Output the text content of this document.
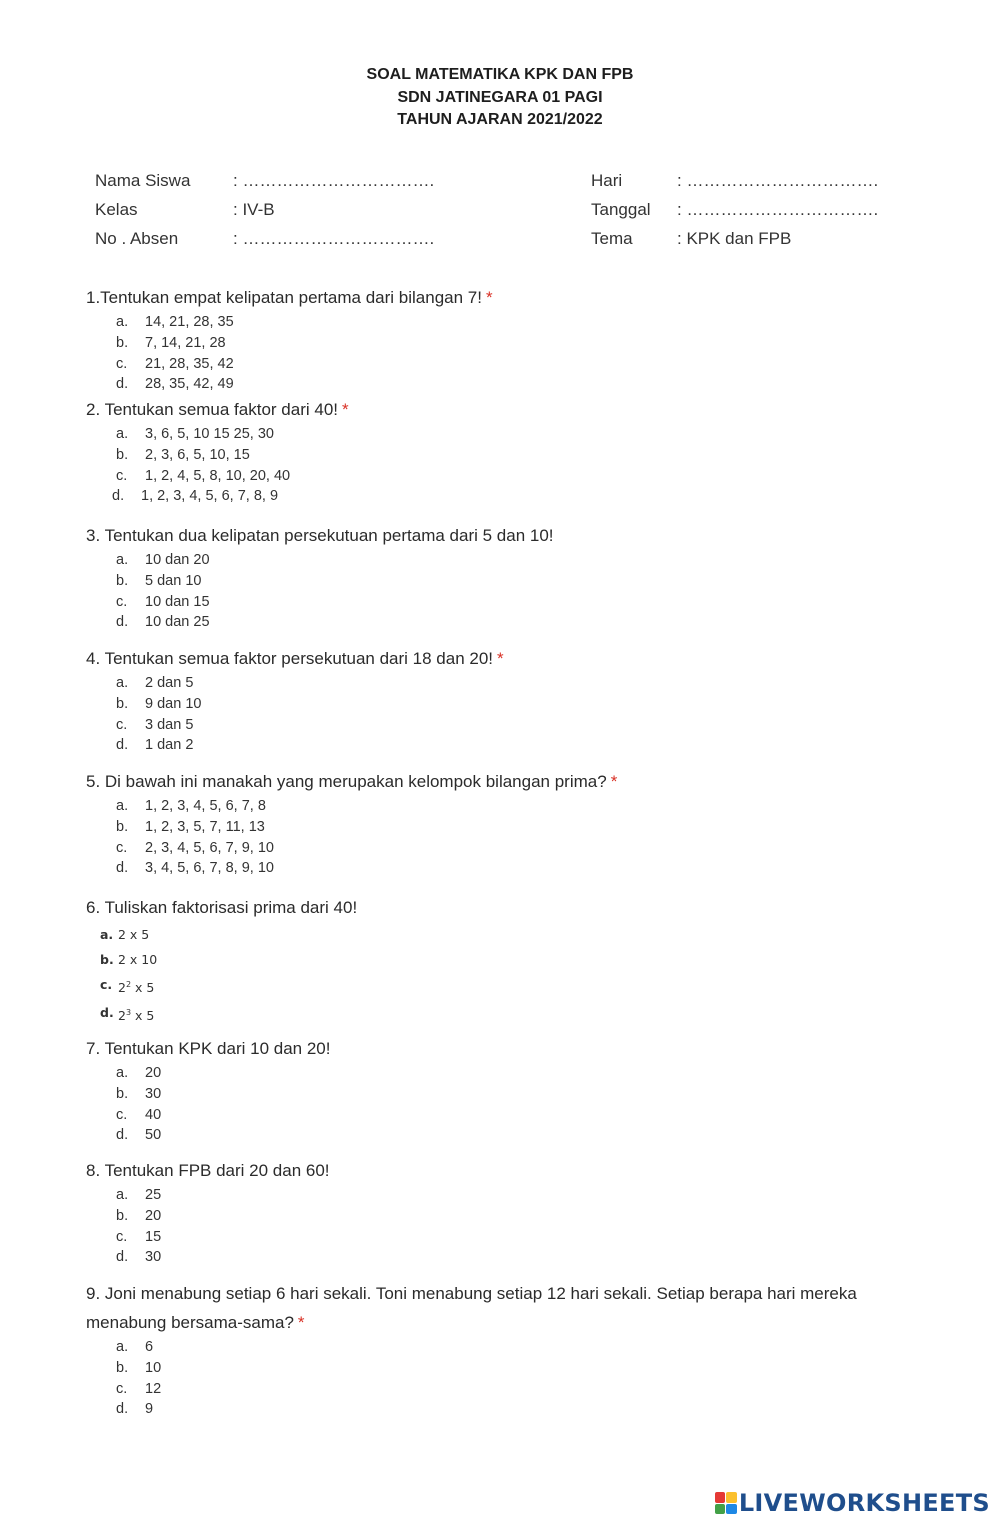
SOAL MATEMATIKA KPK DAN FPB
SDN JATINEGARA 01 PAGI
TAHUN AJARAN 2021/2022
Nama Siswa	: …………………………….
Kelas	: IV-B
No . Absen	: …………………………….
Hari	: …………………………….
Tanggal : …………………………….
Tema	: KPK dan FPB
1.Tentukan empat kelipatan pertama dari bilangan 7! *
a. 14, 21, 28, 35
b. 7, 14, 21, 28
c. 21, 28, 35, 42
d. 28, 35, 42, 49
2. Tentukan semua faktor dari 40! *
a. 3, 6, 5, 10 15 25, 30
b. 2, 3, 6, 5, 10, 15
c. 1, 2, 4, 5, 8, 10, 20, 40
d. 1, 2, 3, 4, 5, 6, 7, 8, 9
3. Tentukan dua kelipatan persekutuan pertama dari 5 dan 10!
a. 10 dan 20
b. 5 dan 10
c. 10 dan 15
d. 10 dan 25
4. Tentukan semua faktor persekutuan dari 18 dan 20! *
a. 2 dan 5
b. 9 dan 10
c. 3 dan 5
d. 1 dan 2
5. Di bawah ini manakah yang merupakan kelompok bilangan prima? *
a. 1, 2, 3, 4, 5, 6, 7, 8
b. 1, 2, 3, 5, 7, 11, 13
c. 2, 3, 4, 5, 6, 7, 9, 10
d. 3, 4, 5, 6, 7, 8, 9, 10
6. Tuliskan faktorisasi prima dari 40!
a. 2 x 5
b. 2 x 10
c. $2^2$ x 5
d. $2^3$ x 5
7. Tentukan KPK dari 10 dan 20!
a. 20
b. 30
c. 40
d. 50
8. Tentukan FPB dari 20 dan 60!
a. 25
b. 20
c. 15
d. 30
9. Joni menabung setiap 6 hari sekali. Toni menabung setiap 12 hari sekali. Setiap berapa hari mereka menabung bersama-sama? *
a. 6
b. 10
c. 12
d. 9
LIVEWORKSHEETS
